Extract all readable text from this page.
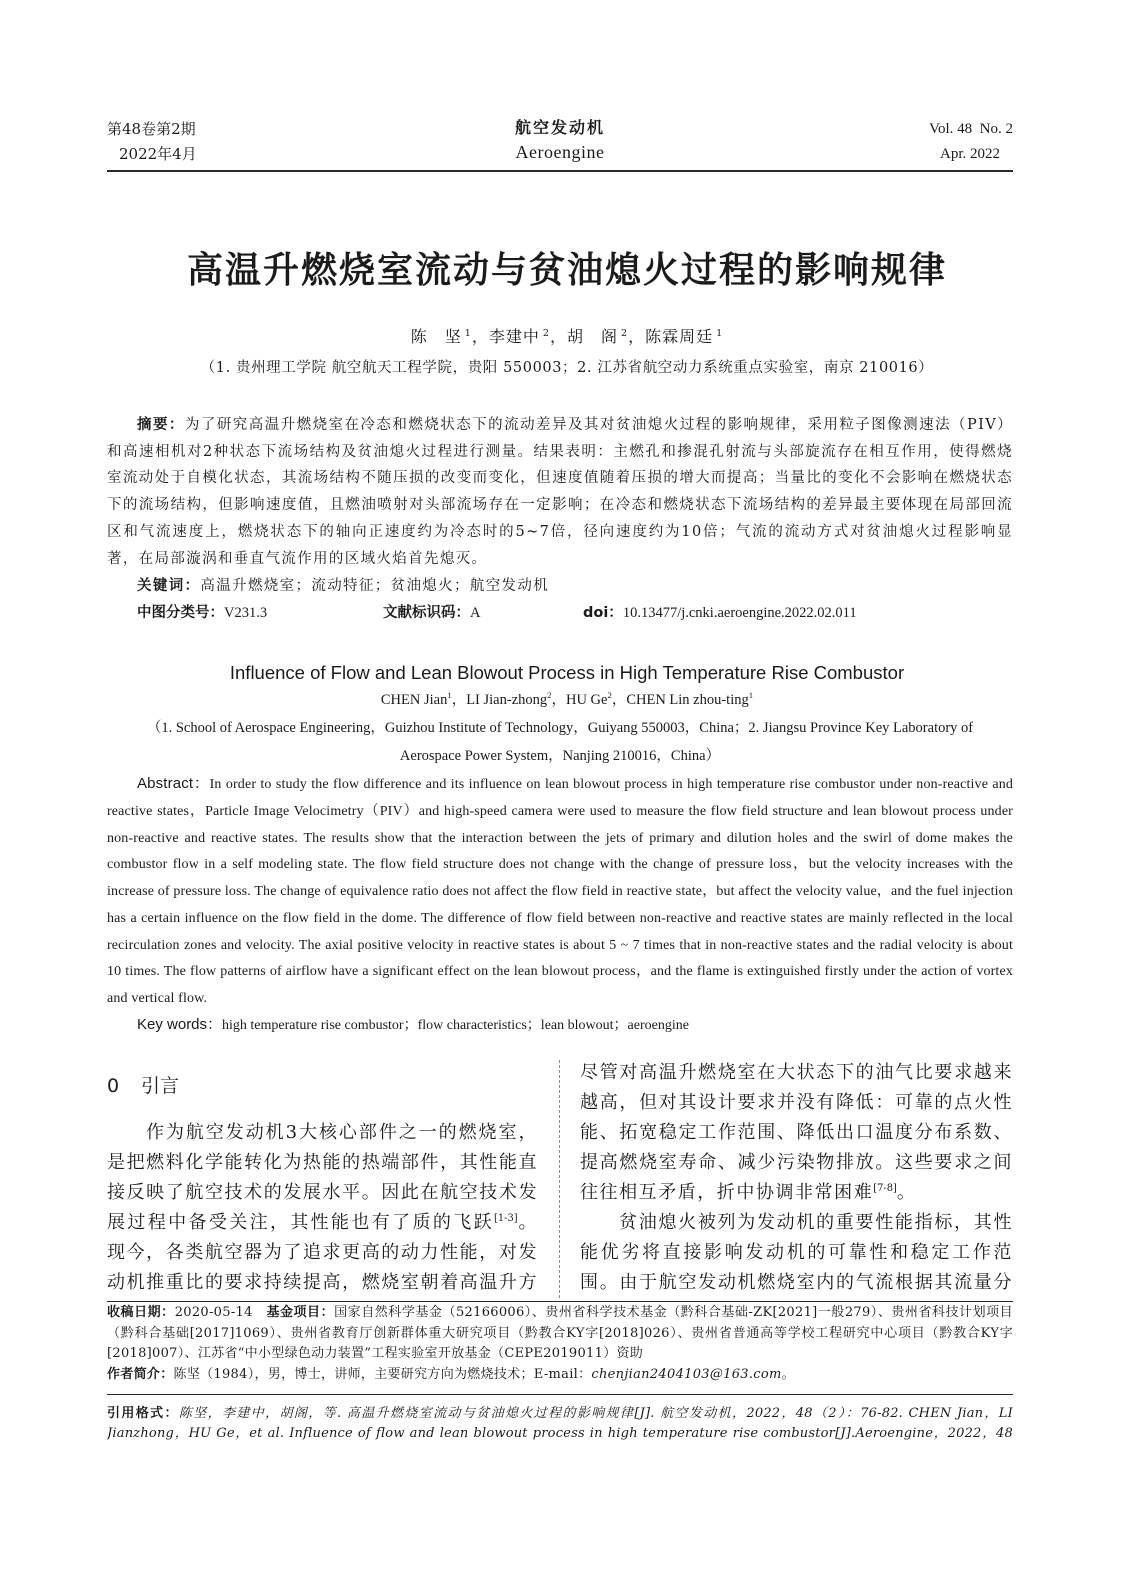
第48卷第2期
2022年4月
航空发动机
Aeroengine
Vol. 48  No. 2
Apr. 2022
高温升燃烧室流动与贫油熄火过程的影响规律
陈　坚 $^1$，李建中 $^2$，胡　阁 $^2$，陈霖周廷 $^1$
（1. 贵州理工学院 航空航天工程学院，贵阳 550003；2. 江苏省航空动力系统重点实验室，南京 210016）
摘要：为了研究高温升燃烧室在冷态和燃烧状态下的流动差异及其对贫油熄火过程的影响规律，采用粒子图像测速法（PIV）和高速相机对2种状态下流场结构及贫油熄火过程进行测量。结果表明：主燃孔和掺混孔射流与头部旋流存在相互作用，使得燃烧室流动处于自模化状态，其流场结构不随压损的改变而变化，但速度值随着压损的增大而提高；当量比的变化不会影响在燃烧状态下的流场结构，但影响速度值，且燃油喷射对头部流场存在一定影响；在冷态和燃烧状态下流场结构的差异最主要体现在局部回流区和气流速度上，燃烧状态下的轴向正速度约为冷态时的5~7倍，径向速度约为10倍；气流的流动方式对贫油熄火过程影响显著，在局部漩涡和垂直气流作用的区域火焰首先熄灭。
关键词：高温升燃烧室；流动特征；贫油熄火；航空发动机
中图分类号：V231.3	文献标识码：A	doi：10.13477/j.cnki.aeroengine.2022.02.011
Influence of Flow and Lean Blowout Process in High Temperature Rise Combustor
CHEN Jian$^1$，LI Jian-zhong$^2$，HU Ge$^2$，CHEN Lin zhou-ting$^1$
（1. School of Aerospace Engineering，Guizhou Institute of Technology，Guiyang 550003，China；2. Jiangsu Province Key Laboratory of
Aerospace Power System，Nanjing 210016，China）
Abstract：In order to study the flow difference and its influence on lean blowout process in high temperature rise combustor under non-reactive and reactive states，Particle Image Velocimetry（PIV）and high-speed camera were used to measure the flow field structure and lean blowout process under non-reactive and reactive states. The results show that the interaction between the jets of primary and dilution holes and the swirl of dome makes the combustor flow in a self modeling state. The flow field structure does not change with the change of pressure loss，but the velocity increases with the increase of pressure loss. The change of equivalence ratio does not affect the flow field in reactive state，but affect the velocity value，and the fuel injection has a certain influence on the flow field in the dome. The difference of flow field between non-reactive and reactive states are mainly reflected in the local recirculation zones and velocity. The axial positive velocity in reactive states is about 5 ~ 7 times that in non-reactive states and the radial velocity is about 10 times. The flow patterns of airflow have a significant effect on the lean blowout process，and the flame is extinguished firstly under the action of vortex and vertical flow.
Key words：high temperature rise combustor；flow characteristics；lean blowout；aeroengine
0 引言

作为航空发动机3大核心部件之一的燃烧室，是把燃料化学能转化为热能的热端部件，其性能直接反映了航空技术的发展水平。因此在航空技术发展过程中备受关注，其性能也有了质的飞跃[1-3]。现今，各类航空器为了追求更高的动力性能，对发动机推重比的要求持续提高，燃烧室朝着高温升方

尽管对高温升燃烧室在大状态下的油气比要求越来越高，但对其设计要求并没有降低：可靠的点火性能、拓宽稳定工作范围、降低出口温度分布系数、提高燃烧室寿命、减少污染物排放。这些要求之间往往相互矛盾，折中协调非常困难[7-8]。

贫油熄火被列为发动机的重要性能指标，其性能优劣将直接影响发动机的可靠性和稳定工作范围。由于航空发动机燃烧室内的气流根据其流量分

收稿日期：2020-05-14　 基金项目：国家自然科学基金（52166006）、贵州省科学技术基金（黔科合基础-ZK[2021]一般279）、贵州省科技计划项目（黔科合基础[2017]1069）、贵州省教育厅创新群体重大研究项目（黔教合KY字[2018]026）、贵州省普通高等学校工程研究中心项目（黔教合KY字[2018]007）、江苏省“中小型绿色动力装置”工程实验室开放基金（CEPE2019011）资助
作者简介：陈坚（1984），男，博士，讲师，主要研究方向为燃烧技术；E-mail：chenjian2404103@163.com。
引用格式：陈坚，李建中，胡阁，等. 高温升燃烧室流动与贫油熄火过程的影响规律[J]. 航空发动机，2022，48（2）：76-82. CHEN Jian，LI Jianzhong，HU Ge，et al. Influence of flow and lean blowout process in high temperature rise combustor[J].Aeroengine，2022，48
